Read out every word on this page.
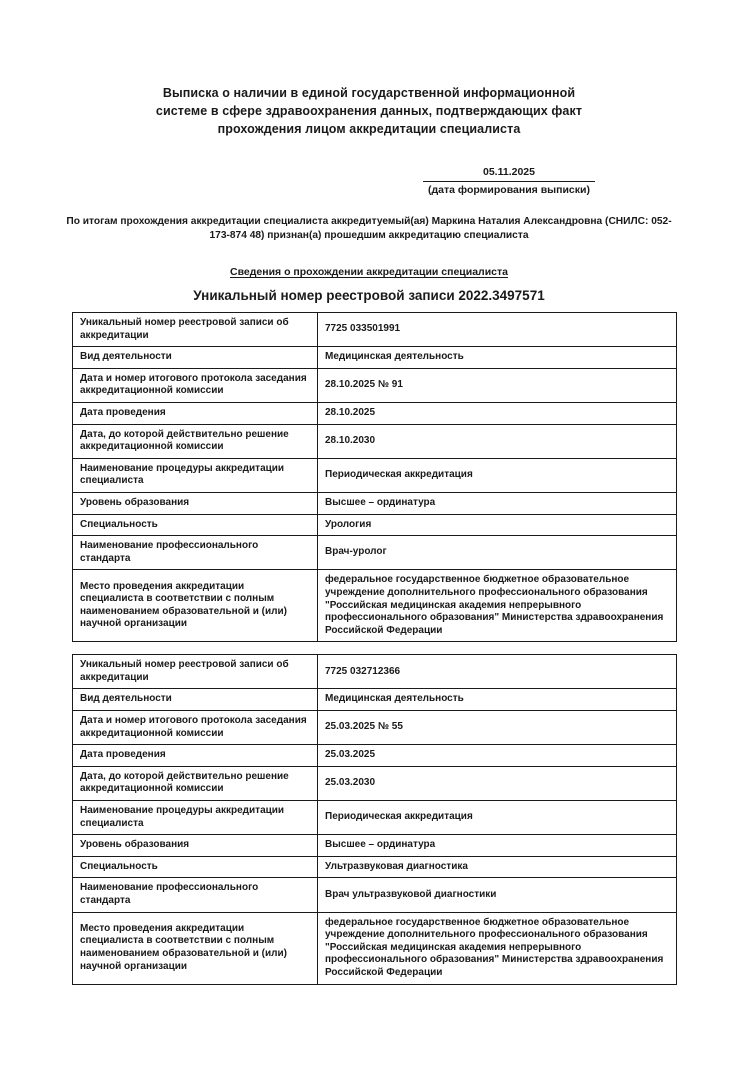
Выписка о наличии в единой государственной информационной
системе в сфере здравоохранения данных, подтверждающих факт
прохождения лицом аккредитации специалиста
05.11.2025
(дата формирования выписки)
По итогам прохождения аккредитации специалиста аккредитуемый(ая) Маркина Наталия Александровна (СНИЛС: 052-
173-874 48) признан(а) прошедшим аккредитацию специалиста
Сведения о прохождении аккредитации специалиста
Уникальный номер реестровой записи 2022.3497571
Уникальный номер реестровой записи об аккредитации	7725 033501991
Вид деятельности	Медицинская деятельность
Дата и номер итогового протокола заседания аккредитационной комиссии	28.10.2025 № 91
Дата проведения	28.10.2025
Дата, до которой действительно решение аккредитационной комиссии	28.10.2030
Наименование процедуры аккредитации специалиста	Периодическая аккредитация
Уровень образования	Высшее – ординатура
Специальность	Урология
Наименование профессионального стандарта	Врач-уролог
Место проведения аккредитации специалиста в соответствии с полным наименованием образовательной и (или) научной организации	федеральное государственное бюджетное образовательное учреждение дополнительного профессионального образования "Российская медицинская академия непрерывного профессионального образования" Министерства здравоохранения Российской Федерации
Уникальный номер реестровой записи об аккредитации	7725 032712366
Вид деятельности	Медицинская деятельность
Дата и номер итогового протокола заседания аккредитационной комиссии	25.03.2025 № 55
Дата проведения	25.03.2025
Дата, до которой действительно решение аккредитационной комиссии	25.03.2030
Наименование процедуры аккредитации специалиста	Периодическая аккредитация
Уровень образования	Высшее – ординатура
Специальность	Ультразвуковая диагностика
Наименование профессионального стандарта	Врач ультразвуковой диагностики
Место проведения аккредитации специалиста в соответствии с полным наименованием образовательной и (или) научной организации	федеральное государственное бюджетное образовательное учреждение дополнительного профессионального образования "Российская медицинская академия непрерывного профессионального образования" Министерства здравоохранения Российской Федерации
